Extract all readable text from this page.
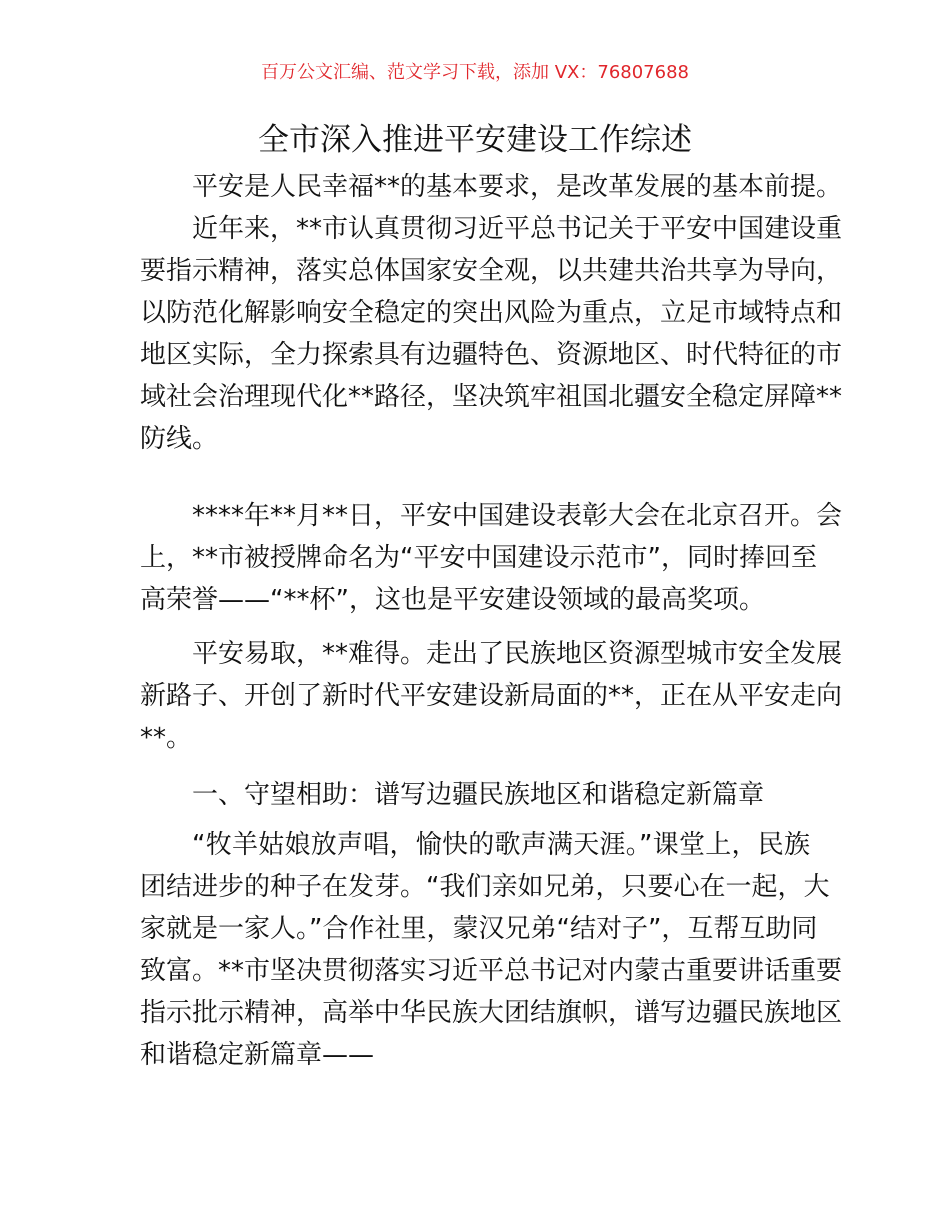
百万公文汇编、范文学习下载，添加 VX：76807688
全市深入推进平安建设工作综述
平安是人民幸福**的基本要求，是改革发展的基本前提。
近年来，**市认真贯彻习近平总书记关于平安中国建设重
要指示精神，落实总体国家安全观，以共建共治共享为导向，
以防范化解影响安全稳定的突出风险为重点，立足市域特点和
地区实际，全力探索具有边疆特色、资源地区、时代特征的市
域社会治理现代化**路径，坚决筑牢祖国北疆安全稳定屏障**
防线。
****年**月**日，平安中国建设表彰大会在北京召开。会
上，**市被授牌命名为“平安中国建设示范市”，同时捧回至
高荣誉——“**杯”，这也是平安建设领域的最高奖项。
平安易取，**难得。走出了民族地区资源型城市安全发展
新路子、开创了新时代平安建设新局面的**，正在从平安走向
**。
一、守望相助：谱写边疆民族地区和谐稳定新篇章
“牧羊姑娘放声唱，愉快的歌声满天涯。”课堂上，民族
团结进步的种子在发芽。“我们亲如兄弟，只要心在一起，大
家就是一家人。”合作社里，蒙汉兄弟“结对子”，互帮互助同
致富。**市坚决贯彻落实习近平总书记对内蒙古重要讲话重要
指示批示精神，高举中华民族大团结旗帜，谱写边疆民族地区
和谐稳定新篇章——
